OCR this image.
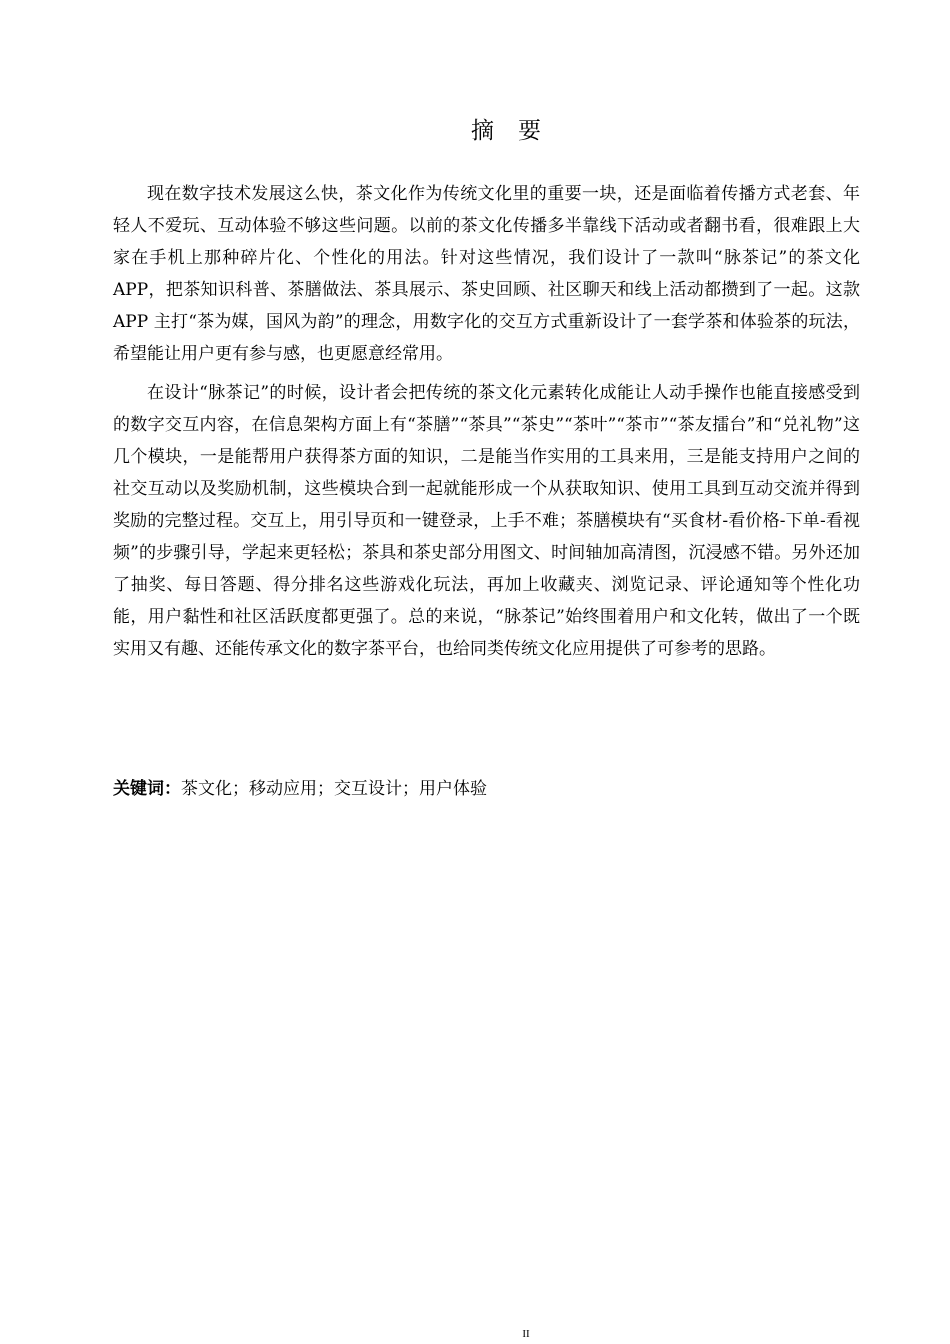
摘 要

现在数字技术发展这么快，茶文化作为传统文化里的重要一块，还是面临着传播方式老套、年轻人不爱玩、互动体验不够这些问题。以前的茶文化传播多半靠线下活动或者翻书看，很难跟上大家在手机上那种碎片化、个性化的用法。针对这些情况，我们设计了一款叫“脉茶记”的茶文化 APP，把茶知识科普、茶膳做法、茶具展示、茶史回顾、社区聊天和线上活动都攒到了一起。这款 APP 主打“茶为媒，国风为韵”的理念，用数字化的交互方式重新设计了一套学茶和体验茶的玩法，希望能让用户更有参与感，也更愿意经常用。

在设计“脉茶记”的时候，设计者会把传统的茶文化元素转化成能让人动手操作也能直接感受到的数字交互内容，在信息架构方面上有“茶膳”“茶具”“茶史”“茶叶”“茶市”“茶友擂台”和“兑礼物”这几个模块，一是能帮用户获得茶方面的知识，二是能当作实用的工具来用，三是能支持用户之间的社交互动以及奖励机制，这些模块合到一起就能形成一个从获取知识、使用工具到互动交流并得到奖励的完整过程。交互上，用引导页和一键登录，上手不难；茶膳模块有“买食材-看价格-下单-看视频”的步骤引导，学起来更轻松；茶具和茶史部分用图文、时间轴加高清图，沉浸感不错。另外还加了抽奖、每日答题、得分排名这些游戏化玩法，再加上收藏夹、浏览记录、评论通知等个性化功能，用户黏性和社区活跃度都更强了。总的来说，“脉茶记”始终围着用户和文化转，做出了一个既实用又有趣、还能传承文化的数字茶平台，也给同类传统文化应用提供了可参考的思路。

关键词：茶文化；移动应用；交互设计；用户体验
II
